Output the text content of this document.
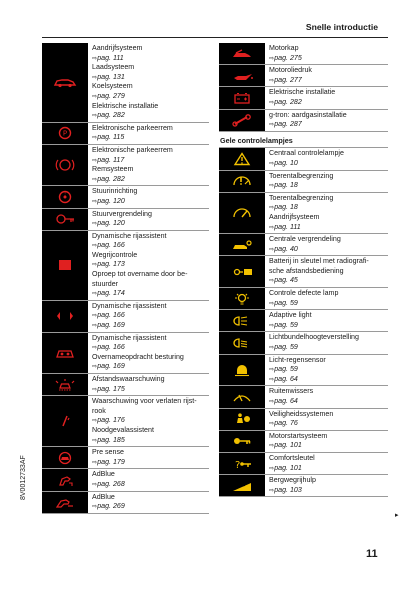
Snelle introductie
Aandrijfsysteem
⇨pag. 111
Laadsysteem
⇨pag. 131
Koelsysteem
⇨pag. 279
Elektrische installatie
⇨pag. 282
P
Elektronische parkeerrem
⇨pag. 115
Elektronische parkeerrem
⇨pag. 117
Remsysteem
⇨pag. 282
!	Stuurinrichting
⇨pag. 120
Stuurvergrendeling
⇨pag. 120
Dynamische rijassistent
⇨pag. 166
Wegrijcontrole
⇨pag. 173
Oproep tot overname door be-
stuurder
⇨pag. 174
Dynamische rijassistent
⇨pag. 166
⇨pag. 169
Dynamische rijassistent
⇨pag. 166
Overnameopdracht besturing
⇨pag. 169
Afstandswaarschuwing
⇨pag. 175
Waarschuwing voor verlaten rijst-
rook
⇨pag. 176
Noodgevalassistent
⇨pag. 185
Pre sense
⇨pag. 179
AdBlue
⇨pag. 268
AdBlue
⇨pag. 269
Motorkap
⇨pag. 275
Motoroliedruk
⇨pag. 277
Elektrische installatie
⇨pag. 282
g-tron: aardgasinstallatie
⇨pag. 287
Gele controlelampjes
Centraal controlelampje
⇨pag. 10
Toerentalbegrenzing
⇨pag. 18
Toerentalbegrenzing
⇨pag. 18
Aandrijfsysteem
⇨pag. 111
Centrale vergrendeling
⇨pag. 40
Batterij in sleutel met radiografi-
sche afstandsbediening
⇨pag. 45
Controle defecte lamp
⇨pag. 59
Adaptive light
⇨pag. 59
Lichtbundelhoogteverstelling
⇨pag. 59
Licht-regensensor
⇨pag. 59
⇨pag. 64
Ruitenwissers
⇨pag. 64
Veiligheidssystemen
⇨pag. 76
Motorstartsysteem
⇨pag. 101
?
Comfortsleutel
⇨pag. 101
Bergwegrijhulp
⇨pag. 103
▸
11
8V0012733AF
